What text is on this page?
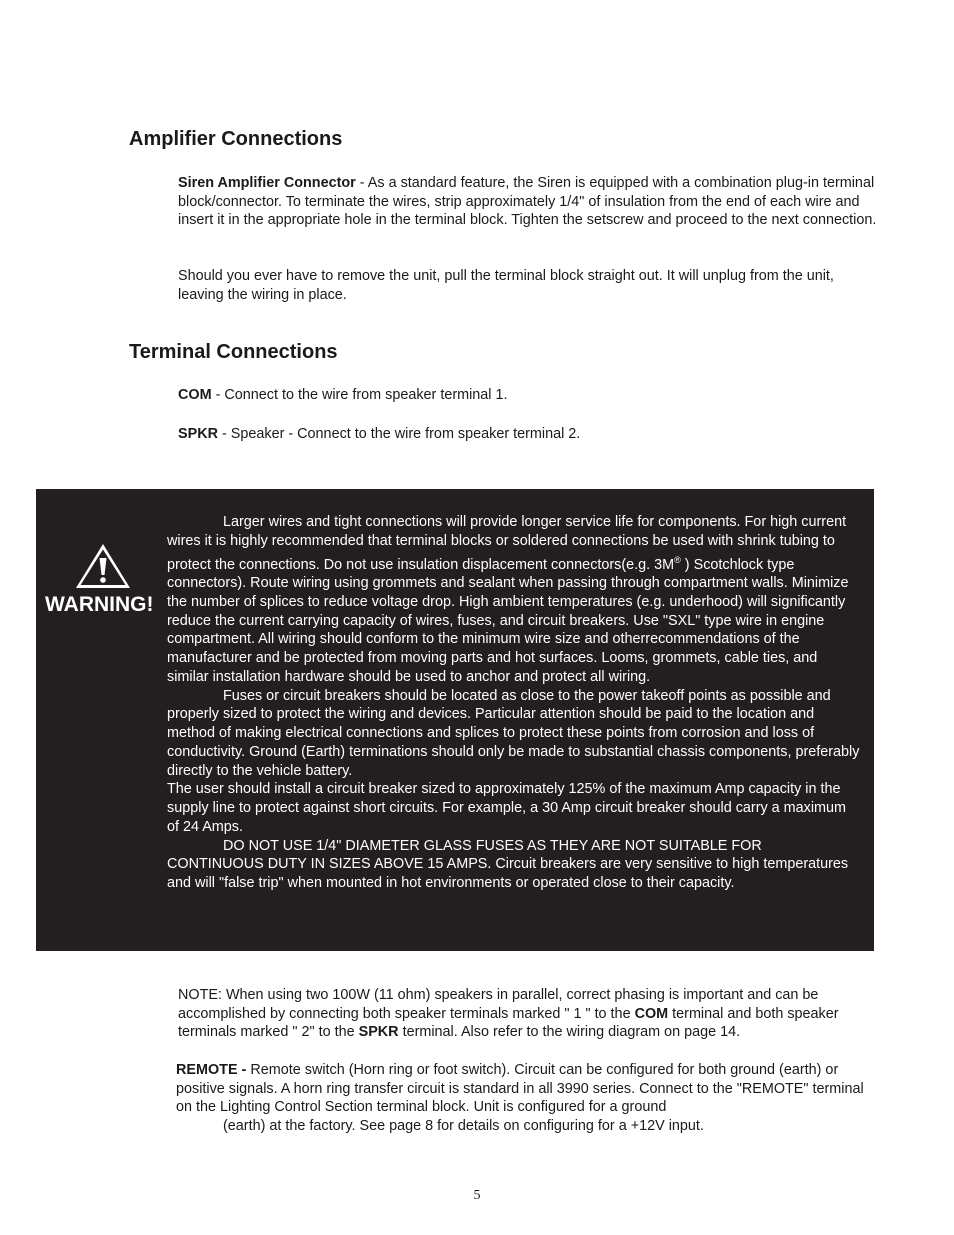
Amplifier Connections

Siren Amplifier Connector - As a standard feature, the Siren is equipped with a combination plug-in terminal block/connector. To terminate the wires, strip approximately 1/4" of insulation from the end of each wire and insert it in the appropriate hole in the terminal block. Tighten the setscrew and proceed to the next connection.

Should you ever have to remove the unit, pull the terminal block straight out. It will unplug from the unit, leaving the wiring in place.

Terminal Connections

COM - Connect to the wire from speaker terminal 1.

SPKR - Speaker - Connect to the wire from speaker terminal 2.

WARNING!

Larger wires and tight connections will provide longer service life for components. For high current wires it is highly recommended that terminal blocks or soldered connections be used with shrink tubing to protect the connections. Do not use insulation displacement connectors(e.g. 3M® ) Scotchlock type connectors). Route wiring using grommets and sealant when passing through compartment walls. Minimize the number of splices to reduce voltage drop. High ambient temperatures (e.g. underhood) will significantly reduce the current carrying capacity of wires, fuses, and circuit breakers. Use "SXL" type wire in engine compartment. All wiring should conform to the minimum wire size and otherrecommendations of the manufacturer and be protected from moving parts and hot surfaces. Looms, grommets, cable ties, and similar installation hardware should be used to anchor and protect all wiring.

Fuses or circuit breakers should be located as close to the power takeoff points as possible and properly sized to protect the wiring and devices. Particular attention should be paid to the location and method of making electrical connections and splices to protect these points from corrosion and loss of conductivity. Ground (Earth) terminations should only be made to substantial chassis components, preferably directly to the vehicle battery.

The user should install a circuit breaker sized to approximately 125% of the maximum Amp capacity in the supply line to protect against short circuits. For example, a 30 Amp circuit breaker should carry a maximum of 24 Amps.

DO NOT USE 1/4" DIAMETER GLASS FUSES AS THEY ARE NOT SUITABLE FOR CONTINUOUS DUTY IN SIZES ABOVE 15 AMPS. Circuit breakers are very sensitive to high temperatures and will "false trip" when mounted in hot environments or operated close to their capacity.

NOTE: When using two 100W (11 ohm) speakers in parallel, correct phasing is important and can be accomplished by connecting both speaker terminals marked " 1 " to the COM terminal and both speaker terminals marked " 2" to the SPKR terminal. Also refer to the wiring diagram on page 14.

REMOTE - Remote switch (Horn ring or foot switch). Circuit can be configured for both ground (earth) or positive signals. A horn ring transfer circuit is standard in all 3990 series. Connect to the "REMOTE" terminal on the Lighting Control Section terminal block. Unit is configured for a ground

(earth) at the factory. See page 8 for details on configuring for a +12V input.

5
